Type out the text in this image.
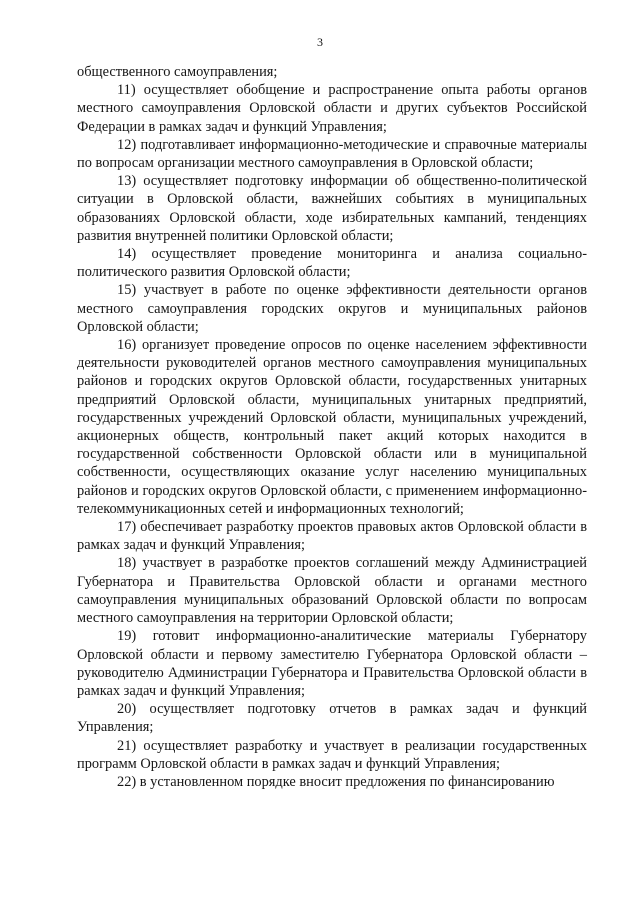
3

общественного самоуправления;

11) осуществляет обобщение и распространение опыта работы органов местного самоуправления Орловской области и других субъектов Российской Федерации в рамках задач и функций Управления;

12) подготавливает информационно-методические и справочные материалы по вопросам организации местного самоуправления в Орловской области;

13) осуществляет подготовку информации об общественно-политической ситуации в Орловской области, важнейших событиях в муниципальных образованиях Орловской области, ходе избирательных кампаний, тенденциях развития внутренней политики Орловской области;

14) осуществляет проведение мониторинга и анализа социально-политического развития Орловской области;

15) участвует в работе по оценке эффективности деятельности органов местного самоуправления городских округов и муниципальных районов Орловской области;

16) организует проведение опросов по оценке населением эффективности деятельности руководителей органов местного самоуправления муниципальных районов и городских округов Орловской области, государственных унитарных предприятий Орловской области, муниципальных унитарных предприятий, государственных учреждений Орловской области, муниципальных учреждений, акционерных обществ, контрольный пакет акций которых находится в государственной собственности Орловской области или в муниципальной собственности, осуществляющих оказание услуг населению муниципальных районов и городских округов Орловской области, с применением информационно-телекоммуникационных сетей и информационных технологий;

17) обеспечивает разработку проектов правовых актов Орловской области в рамках задач и функций Управления;

18) участвует в разработке проектов соглашений между Администрацией Губернатора и Правительства Орловской области и органами местного самоуправления муниципальных образований Орловской области по вопросам местного самоуправления на территории Орловской области;

19) готовит информационно-аналитические материалы Губернатору Орловской области и первому заместителю Губернатора Орловской области – руководителю Администрации Губернатора и Правительства Орловской области в рамках задач и функций Управления;

20) осуществляет подготовку отчетов в рамках задач и функций Управления;

21) осуществляет разработку и участвует в реализации государственных программ Орловской области в рамках задач и функций Управления;

22) в установленном порядке вносит предложения по финансированию
